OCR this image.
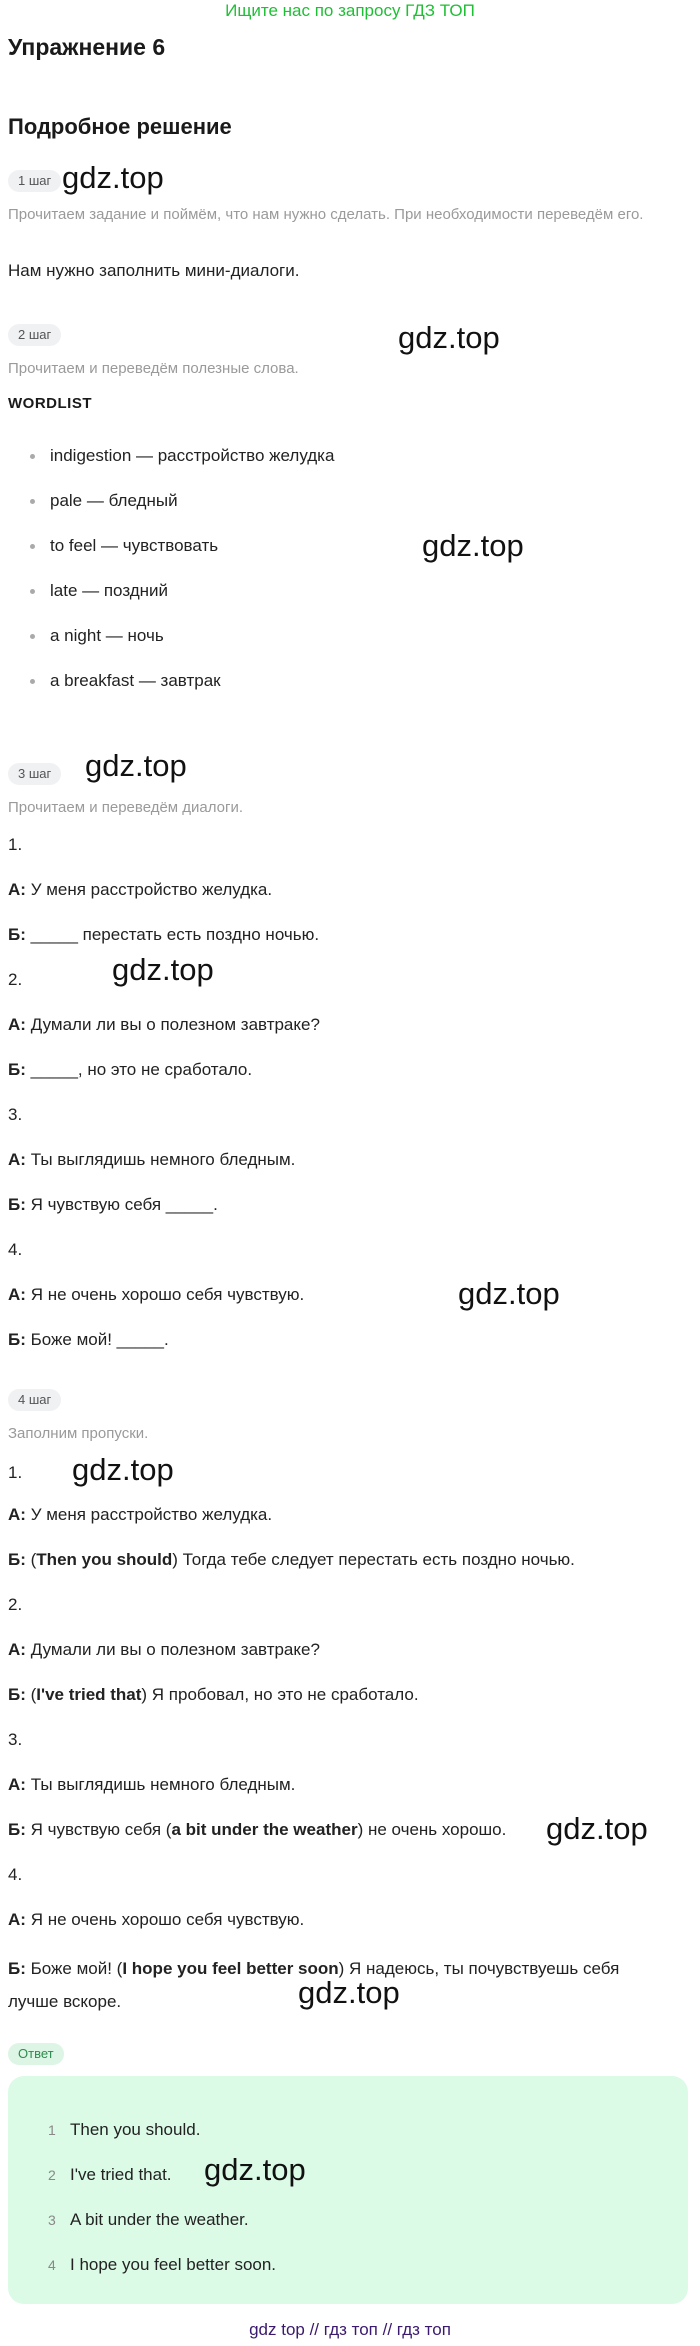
Ищите нас по запросу ГДЗ ТОП
Упражнение 6
Подробное решение
1 шаг gdz.top
Прочитаем задание и поймём, что нам нужно сделать. При необходимости переведём его.
Нам нужно заполнить мини-диалоги.
2 шаг	gdz.top
Прочитаем и переведём полезные слова.
WORDLIST
indigestion — расстройство желудка
pale — бледный
to feel — чувствовать	gdz.top
late — поздний
a night — ночь
a breakfast — завтрак
3 шаг	gdz.top
Прочитаем и переведём диалоги.
1.
А: У меня расстройство желудка.
Б: _____ перестать есть поздно ночью.
2.	gdz.top
А: Думали ли вы о полезном завтраке?
Б: _____, но это не сработало.
3.
А: Ты выглядишь немного бледным.
Б: Я чувствую себя _____.
4.
А: Я не очень хорошо себя чувствую.	gdz.top
Б: Боже мой! _____.
4 шаг
Заполним пропуски.
1.	gdz.top
А: У меня расстройство желудка.
Б: (Then you should) Тогда тебе следует перестать есть поздно ночью.
2.
А: Думали ли вы о полезном завтраке?
Б: (I've tried that) Я пробовал, но это не сработало.
3.
А: Ты выглядишь немного бледным.
Б: Я чувствую себя (a bit under the weather) не очень хорошо.	gdz.top
4.
А: Я не очень хорошо себя чувствую.
Б: Боже мой! (I hope you feel better soon) Я надеюсь, ты почувствуешь себя лучше вскоре.	gdz.top
Ответ
1 Then you should.
2 I've tried that. gdz.top
3 A bit under the weather.
4 I hope you feel better soon.
gdz top // гдз топ // гдз топ
